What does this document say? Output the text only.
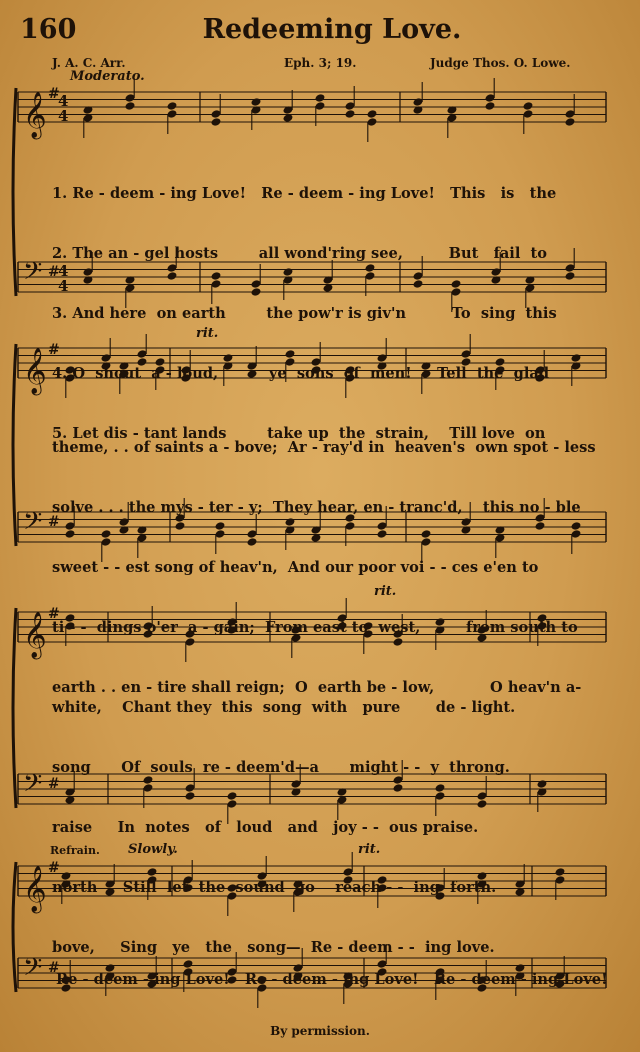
160	Redeeming Love.
J. A. C. Arr.	Eph. 3; 19.	Judge Thos. O. Lowe.
Moderato.
𝄞 #
4
4
𝄢 #
4
4
𝄞 #
𝄢 #
𝄞 #
𝄢 #
𝄞 #
𝄢 #

1. Re - deem - ing Love!   Re - deem - ing Love!   This   is   the

2. The an - gel hosts        all wond'ring see,         But   fail  to

3. And here  on earth        the pow'r is giv'n         To  sing  this

4. O  shout  a - loud,          ye  sons  of  men!     Tell  the  glad

5. Let dis - tant lands        take up  the  strain,    Till love  on

rit.

theme, . . of saints a - bove;  Ar - ray'd in  heaven's  own spot - less

solve . . . the mys - ter - y;  They hear, en - tranc'd,    this no - ble

sweet - - est song of heav'n,  And our poor voi - - ces e'en to

ti - -  dings o'er  a - gain;  From east to  west,         from south to

earth . . en - tire shall reign;  O  earth be - low,           O heav'n a-

rit.

white,    Chant they  this  song  with   pure       de - light.

song      Of  souls  re - deem'd—a      might - -  y  throng.

raise     In  notes   of   loud   and   joy - -  ous praise.

north     Still  let  the  sound  go    reach - -  ing  forth.

bove,     Sing   ye   the   song—  Re - deem - -  ing love.

Refrain. Slowly.	rit.

Re - deem - ing Love!   Re - deem - ing Love!   Re - deem - ing Love!

By permission.
